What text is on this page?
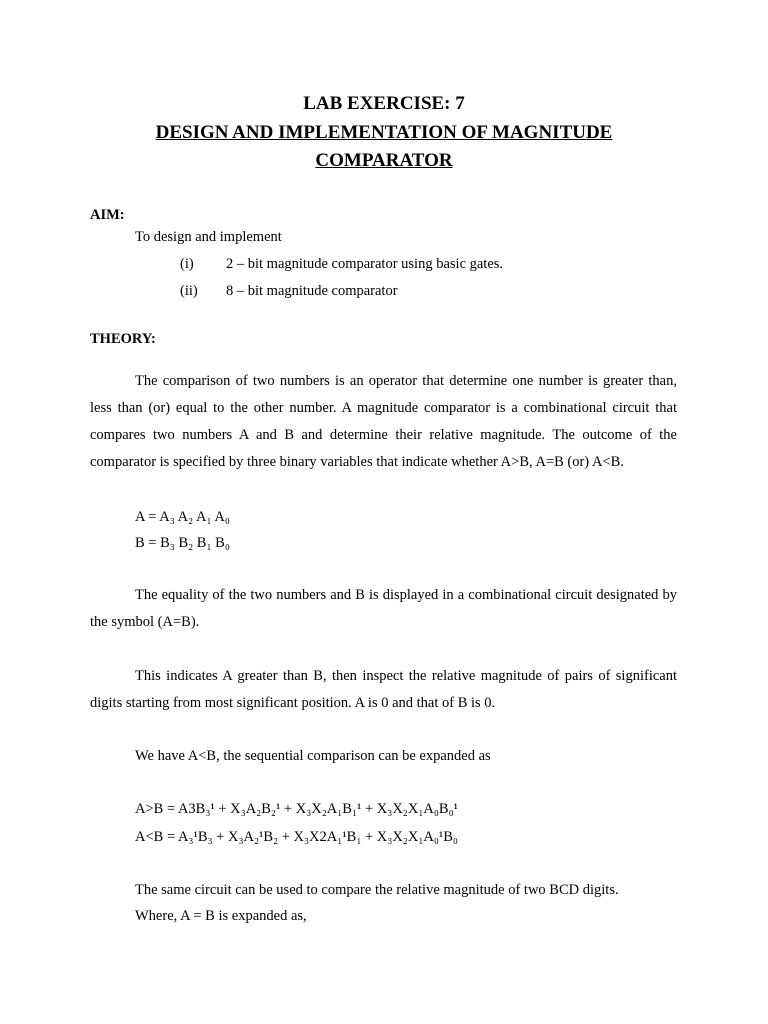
LAB EXERCISE: 7
DESIGN AND IMPLEMENTATION OF MAGNITUDE
COMPARATOR
AIM:
To design and implement
(i) 2 – bit magnitude comparator using basic gates.
(ii) 8 – bit magnitude comparator
THEORY:
The comparison of two numbers is an operator that determine one number is greater than, less than (or) equal to the other number. A magnitude comparator is a combinational circuit that compares two numbers A and B and determine their relative magnitude. The outcome of the comparator is specified by three binary variables that indicate whether A>B, A=B (or) A<B.
A = A₃ A₂ A₁ A₀
B = B₃ B₂ B₁ B₀
The equality of the two numbers and B is displayed in a combinational circuit designated by the symbol (A=B).
This indicates A greater than B, then inspect the relative magnitude of pairs of significant digits starting from most significant position. A is 0 and that of B is 0.
We have A<B, the sequential comparison can be expanded as
A>B = A3B₃¹ + X₃A₂B₂¹ + X₃X₂A₁B₁¹ + X₃X₂X₁A₀B₀¹
A<B = A₃¹B₃ + X₃A₂¹B₂ + X₃X2A₁¹B₁ + X₃X₂X₁A₀¹B₀
The same circuit can be used to compare the relative magnitude of two BCD digits.
Where, A = B is expanded as,
